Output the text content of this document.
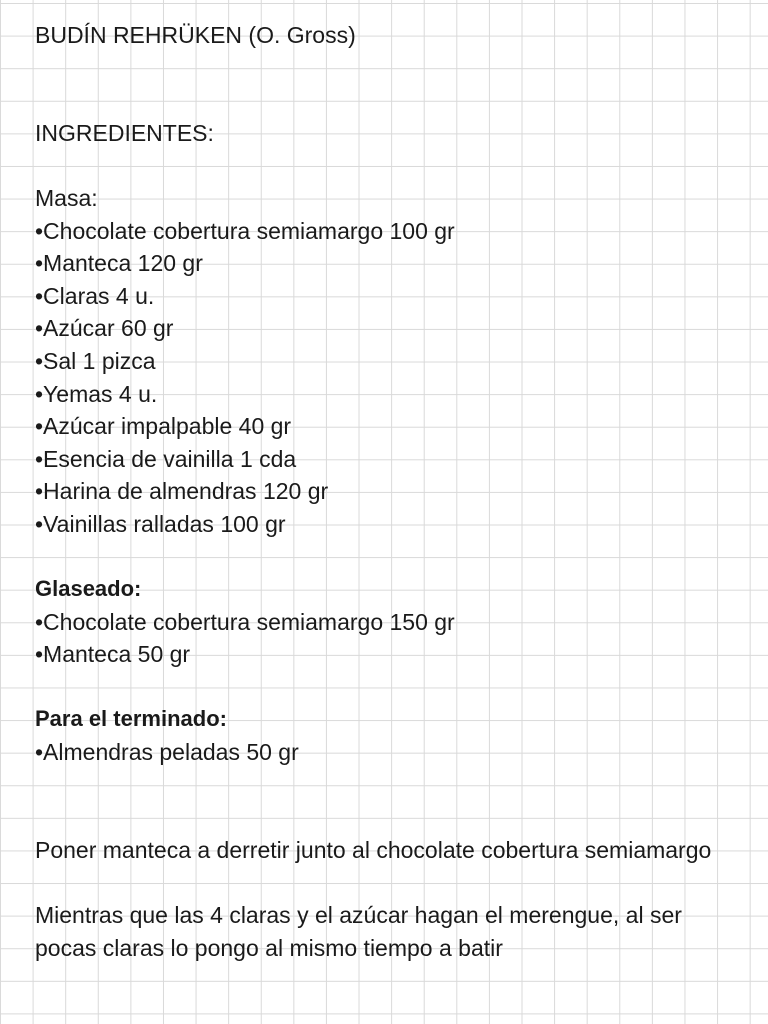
BUDÍN REHRÜKEN (O. Gross)
INGREDIENTES:
Masa:
•Chocolate cobertura semiamargo 100 gr
•Manteca 120 gr
•Claras 4 u.
•Azúcar 60 gr
•Sal 1 pizca
•Yemas 4 u.
•Azúcar impalpable 40 gr
•Esencia de vainilla 1 cda
•Harina de almendras 120 gr
•Vainillas ralladas 100 gr
Glaseado:
•Chocolate cobertura semiamargo 150 gr
•Manteca 50 gr
Para el terminado:
•Almendras peladas 50 gr
Poner manteca a derretir junto al chocolate cobertura semiamargo
Mientras que las 4 claras y el azúcar hagan el merengue, al ser pocas claras lo pongo al mismo tiempo a batir
